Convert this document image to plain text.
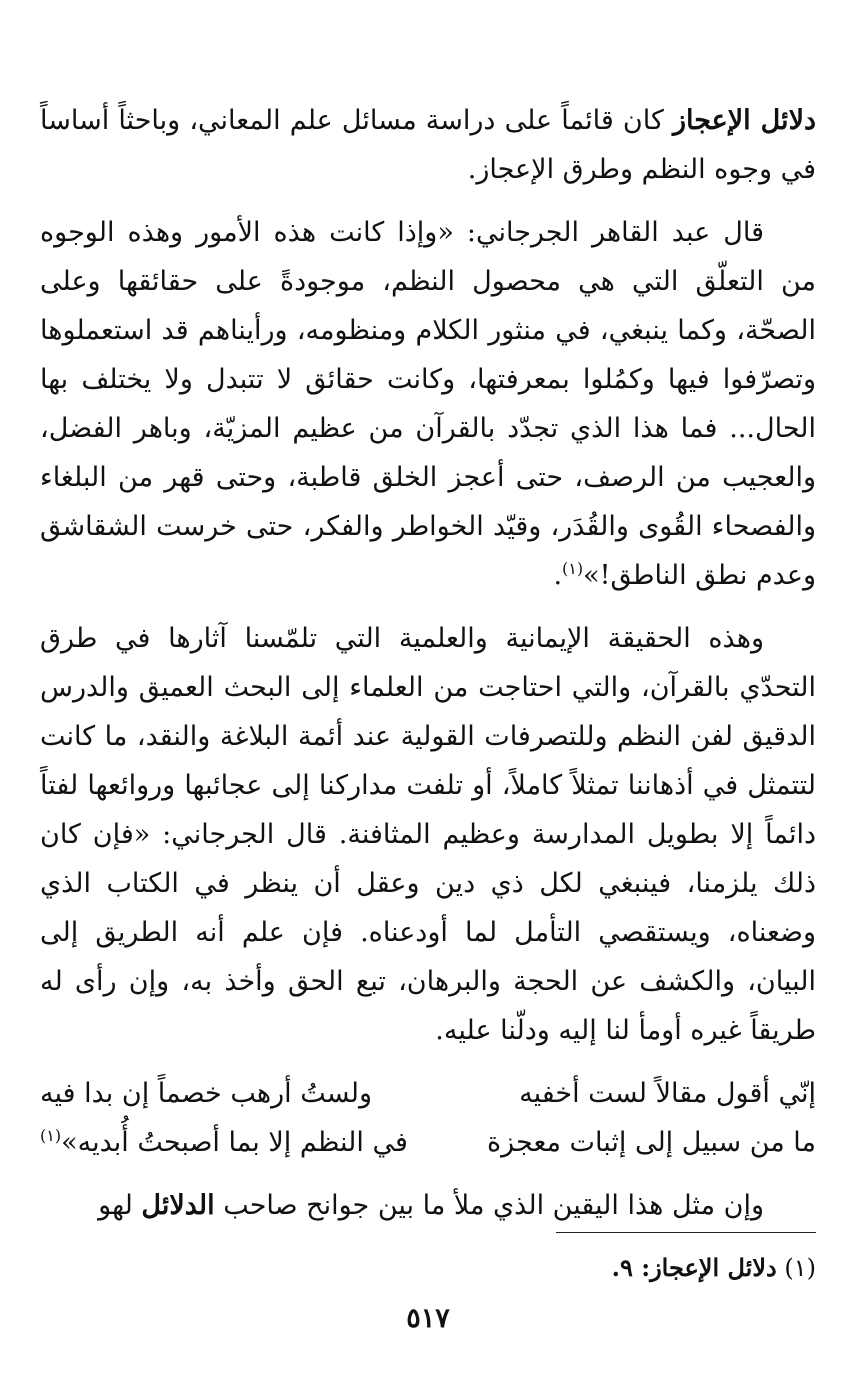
دلائل الإعجاز كان قائماً على دراسة مسائل علم المعاني، وباحثاً أساساً في وجوه النظم وطرق الإعجاز.

قال عبد القاهر الجرجاني: «وإذا كانت هذه الأمور وهذه الوجوه من التعلّق التي هي محصول النظم، موجودةً على حقائقها وعلى الصحّة، وكما ينبغي، في منثور الكلام ومنظومه، ورأيناهم قد استعملوها وتصرّفوا فيها وكمُلوا بمعرفتها، وكانت حقائق لا تتبدل ولا يختلف بها الحال... فما هذا الذي تجدّد بالقرآن من عظيم المزيّة، وباهر الفضل، والعجيب من الرصف، حتى أعجز الخلق قاطبة، وحتى قهر من البلغاء والفصحاء القُوى والقُدَر، وقيّد الخواطر والفكر، حتى خرست الشقاشق وعدم نطق الناطق!»$^{(١)}$.

وهذه الحقيقة الإيمانية والعلمية التي تلمّسنا آثارها في طرق التحدّي بالقرآن، والتي احتاجت من العلماء إلى البحث العميق والدرس الدقيق لفن النظم وللتصرفات القولية عند أئمة البلاغة والنقد، ما كانت لتتمثل في أذهاننا تمثلاً كاملاً، أو تلفت مداركنا إلى عجائبها وروائعها لفتاً دائماً إلا بطويل المدارسة وعظيم المثافنة. قال الجرجاني: «فإن كان ذلك يلزمنا، فينبغي لكل ذي دين وعقل أن ينظر في الكتاب الذي وضعناه، ويستقصي التأمل لما أودعناه. فإن علم أنه الطريق إلى البيان، والكشف عن الحجة والبرهان، تبع الحق وأخذ به، وإن رأى له طريقاً غيره أومأ لنا إليه ودلّنا عليه.

إنّي أقول مقالاً لست أخفيه
ولستُ أرهب خصماً إن بدا فيه
ما من سبيل إلى إثبات معجزة
في النظم إلا بما أصبحتُ أُبديه»$^{(١)}$

وإن مثل هذا اليقين الذي ملأ ما بين جوانح صاحب الدلائل لهو

(١) دلائل الإعجاز: ٩.
٥١٧
